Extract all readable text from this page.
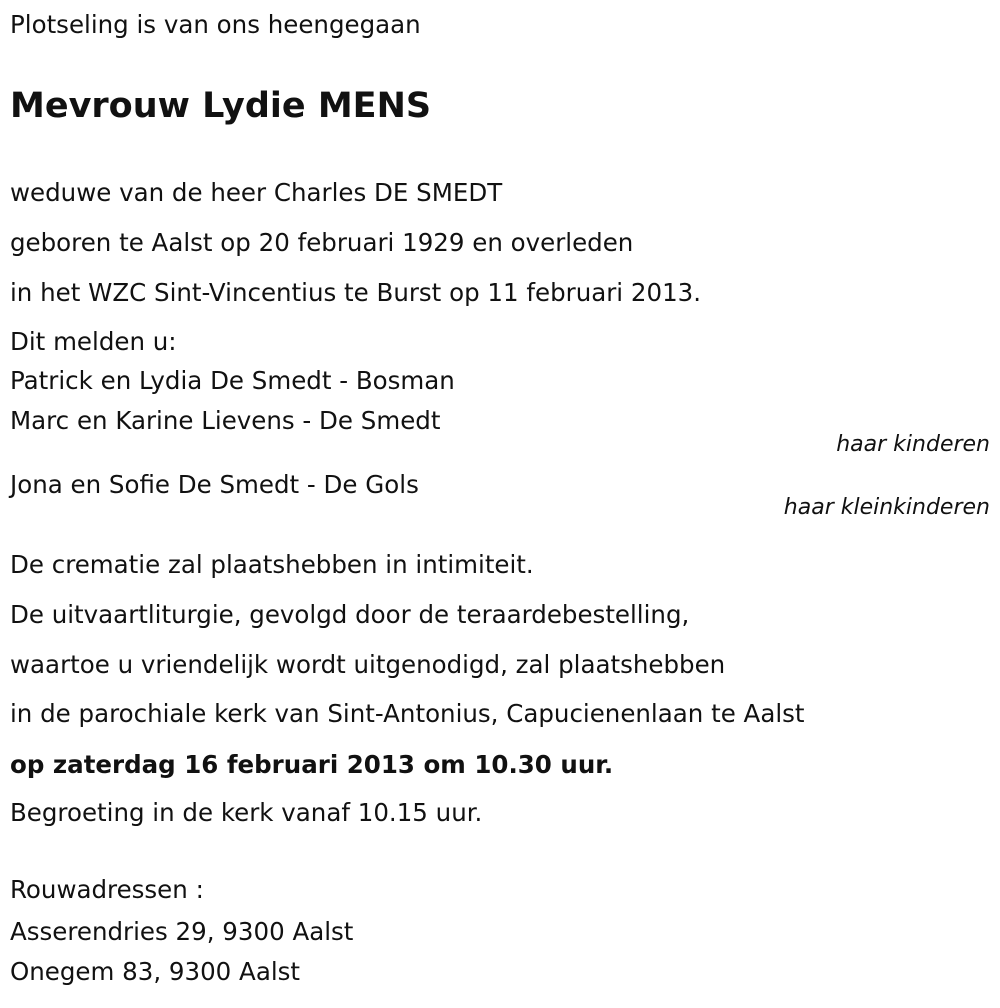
Plotseling is van ons heengegaan
Mevrouw Lydie MENS
weduwe van de heer Charles DE SMEDT
geboren te Aalst op 20 februari 1929 en overleden
in het WZC Sint-Vincentius te Burst op 11 februari 2013.
Dit melden u:
Patrick en Lydia De Smedt - Bosman
Marc en Karine Lievens - De Smedt
haar kinderen
Jona en Sofie De Smedt - De Gols
haar kleinkinderen
De crematie zal plaatshebben in intimiteit.
De uitvaartliturgie, gevolgd door de teraardebestelling,
waartoe u vriendelijk wordt uitgenodigd, zal plaatshebben
in de parochiale kerk van Sint-Antonius, Capucienenlaan te Aalst
op zaterdag 16 februari 2013 om 10.30 uur.
Begroeting in de kerk vanaf 10.15 uur.
Rouwadressen :
Asserendries 29, 9300 Aalst
Onegem 83, 9300 Aalst
